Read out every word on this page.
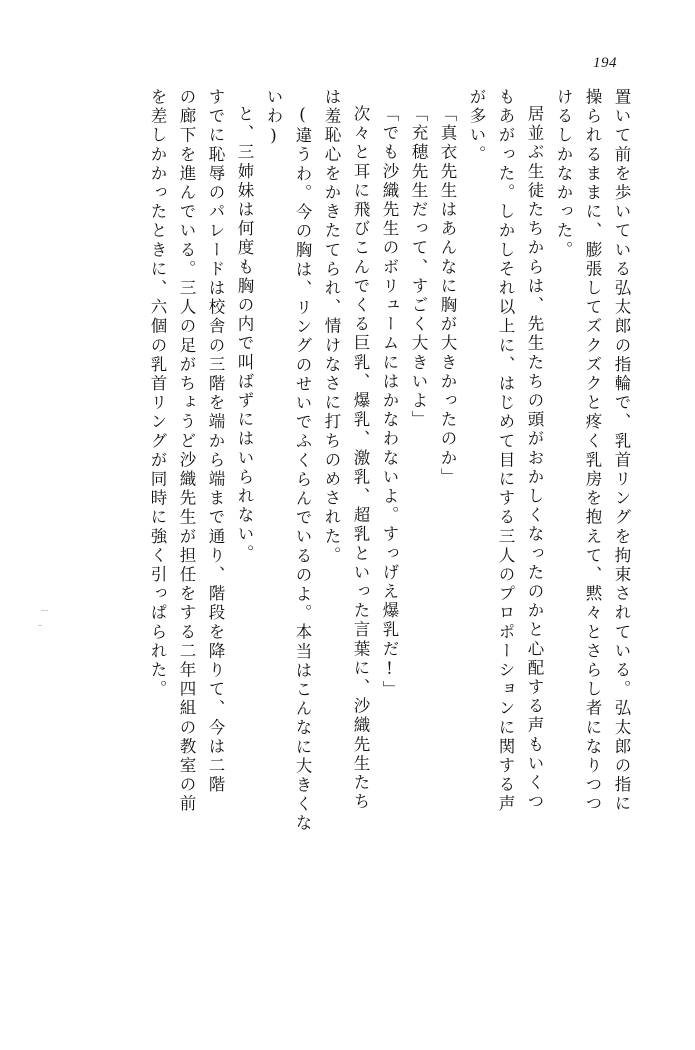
194
置いて前を歩いている弘太郎の指輪で、乳首リングを拘束されている。弘太郎の指に
操られるままに、膨張してズクズクと疼く乳房を抱えて、黙々とさらし者になりつつ
けるしかなかった。
居並ぶ生徒たちからは、先生たちの頭がおかしくなったのかと心配する声もいくつ
もあがった。しかしそれ以上に、はじめて目にする三人のプロポーションに関する声
が多い。
「真衣先生はあんなに胸が大きかったのか」
「充穂先生だって、すごく大きいよ」
「でも沙織先生のボリュームにはかなわないよ。すっげえ爆乳だ!」
次々と耳に飛びこんでくる巨乳、爆乳、激乳、超乳といった言葉に、沙織先生たち
は羞恥心をかきたてられ、情けなさに打ちのめされた。
(違うわ。今の胸は、リングのせいでふくらんでいるのよ。本当はこんなに大きくな
いわ)
と、三姉妹は何度も胸の内で叫ばずにはいられない。
すでに恥辱のパレードは校舎の三階を端から端まで通り、階段を降りて、今は二階
の廊下を進んでいる。三人の足がちょうど沙織先生が担任をする二年四組の教室の前
を差しかかったときに、六個の乳首リングが同時に強く引っぱられた。
